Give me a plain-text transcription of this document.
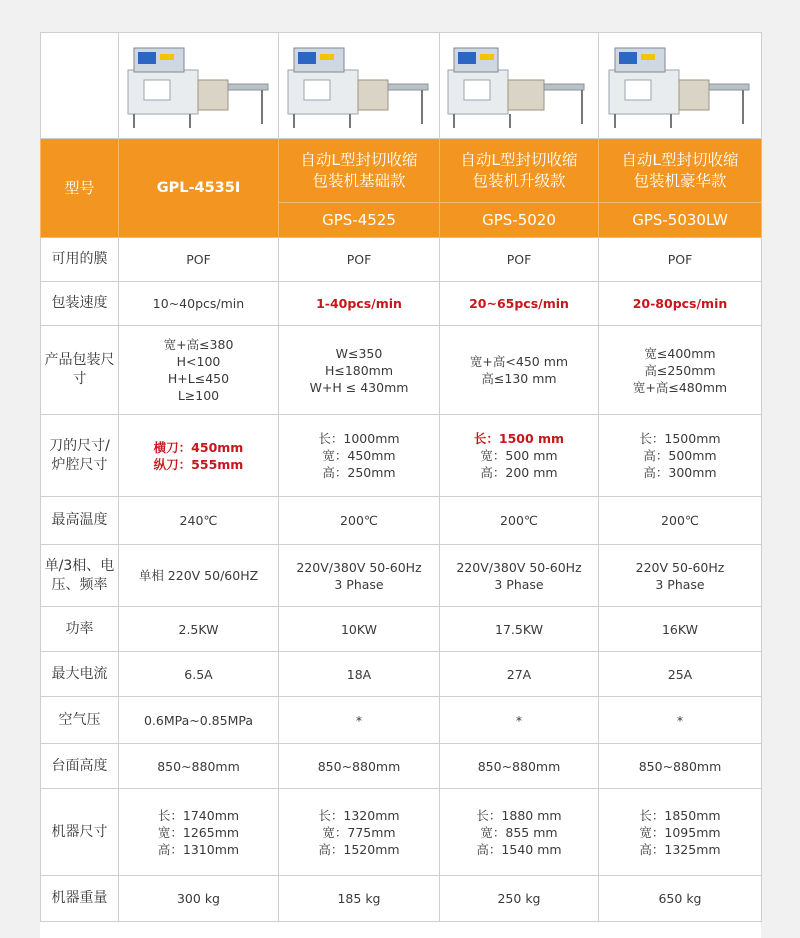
型号	GPL-4535I	自动L型封切收缩包装机基础款	自动L型封切收缩包装机升级款	自动L型封切收缩包装机豪华款

		GPS-4525	GPS-5020	GPS-5030LW
可用的膜	POF	POF	POF	POF

包装速度	10~40pcs/min	1-40pcs/min	20~65pcs/min	20-80pcs/min

产品包装尺寸	宽+高≤380
H<100
H+L≤450
L≥100	W≤350
H≤180mm
W+H ≤ 430mm	宽+高<450 mm
高≤130 mm	宽≤400mm
高≤250mm
宽+高≤480mm

刀的尺寸/炉腔尺寸	横刀：450mm
纵刀：555mm	长：1000mm
宽：450mm
高：250mm	长：1500 mm
宽：500 mm
高：200 mm	长：1500mm
高：500mm
高：300mm

最高温度	240℃	200℃	200℃	200℃

单/3相、电压、频率	单相 220V 50/60HZ	220V/380V 50-60Hz
3 Phase	220V/380V 50-60Hz
3 Phase	220V 50-60Hz
3 Phase

功率	2.5KW	10KW	17.5KW	16KW

最大电流	6.5A	18A	27A	25A

空气压	0.6MPa~0.85MPa	*	*	*

台面高度	850~880mm	850~880mm	850~880mm	850~880mm

机器尺寸	长：1740mm
宽：1265mm
高：1310mm	长：1320mm
宽：775mm
高：1520mm	长：1880 mm
宽：855 mm
高：1540 mm	长：1850mm
宽：1095mm
高：1325mm

机器重量	300 kg	185 kg	250 kg	650 kg
